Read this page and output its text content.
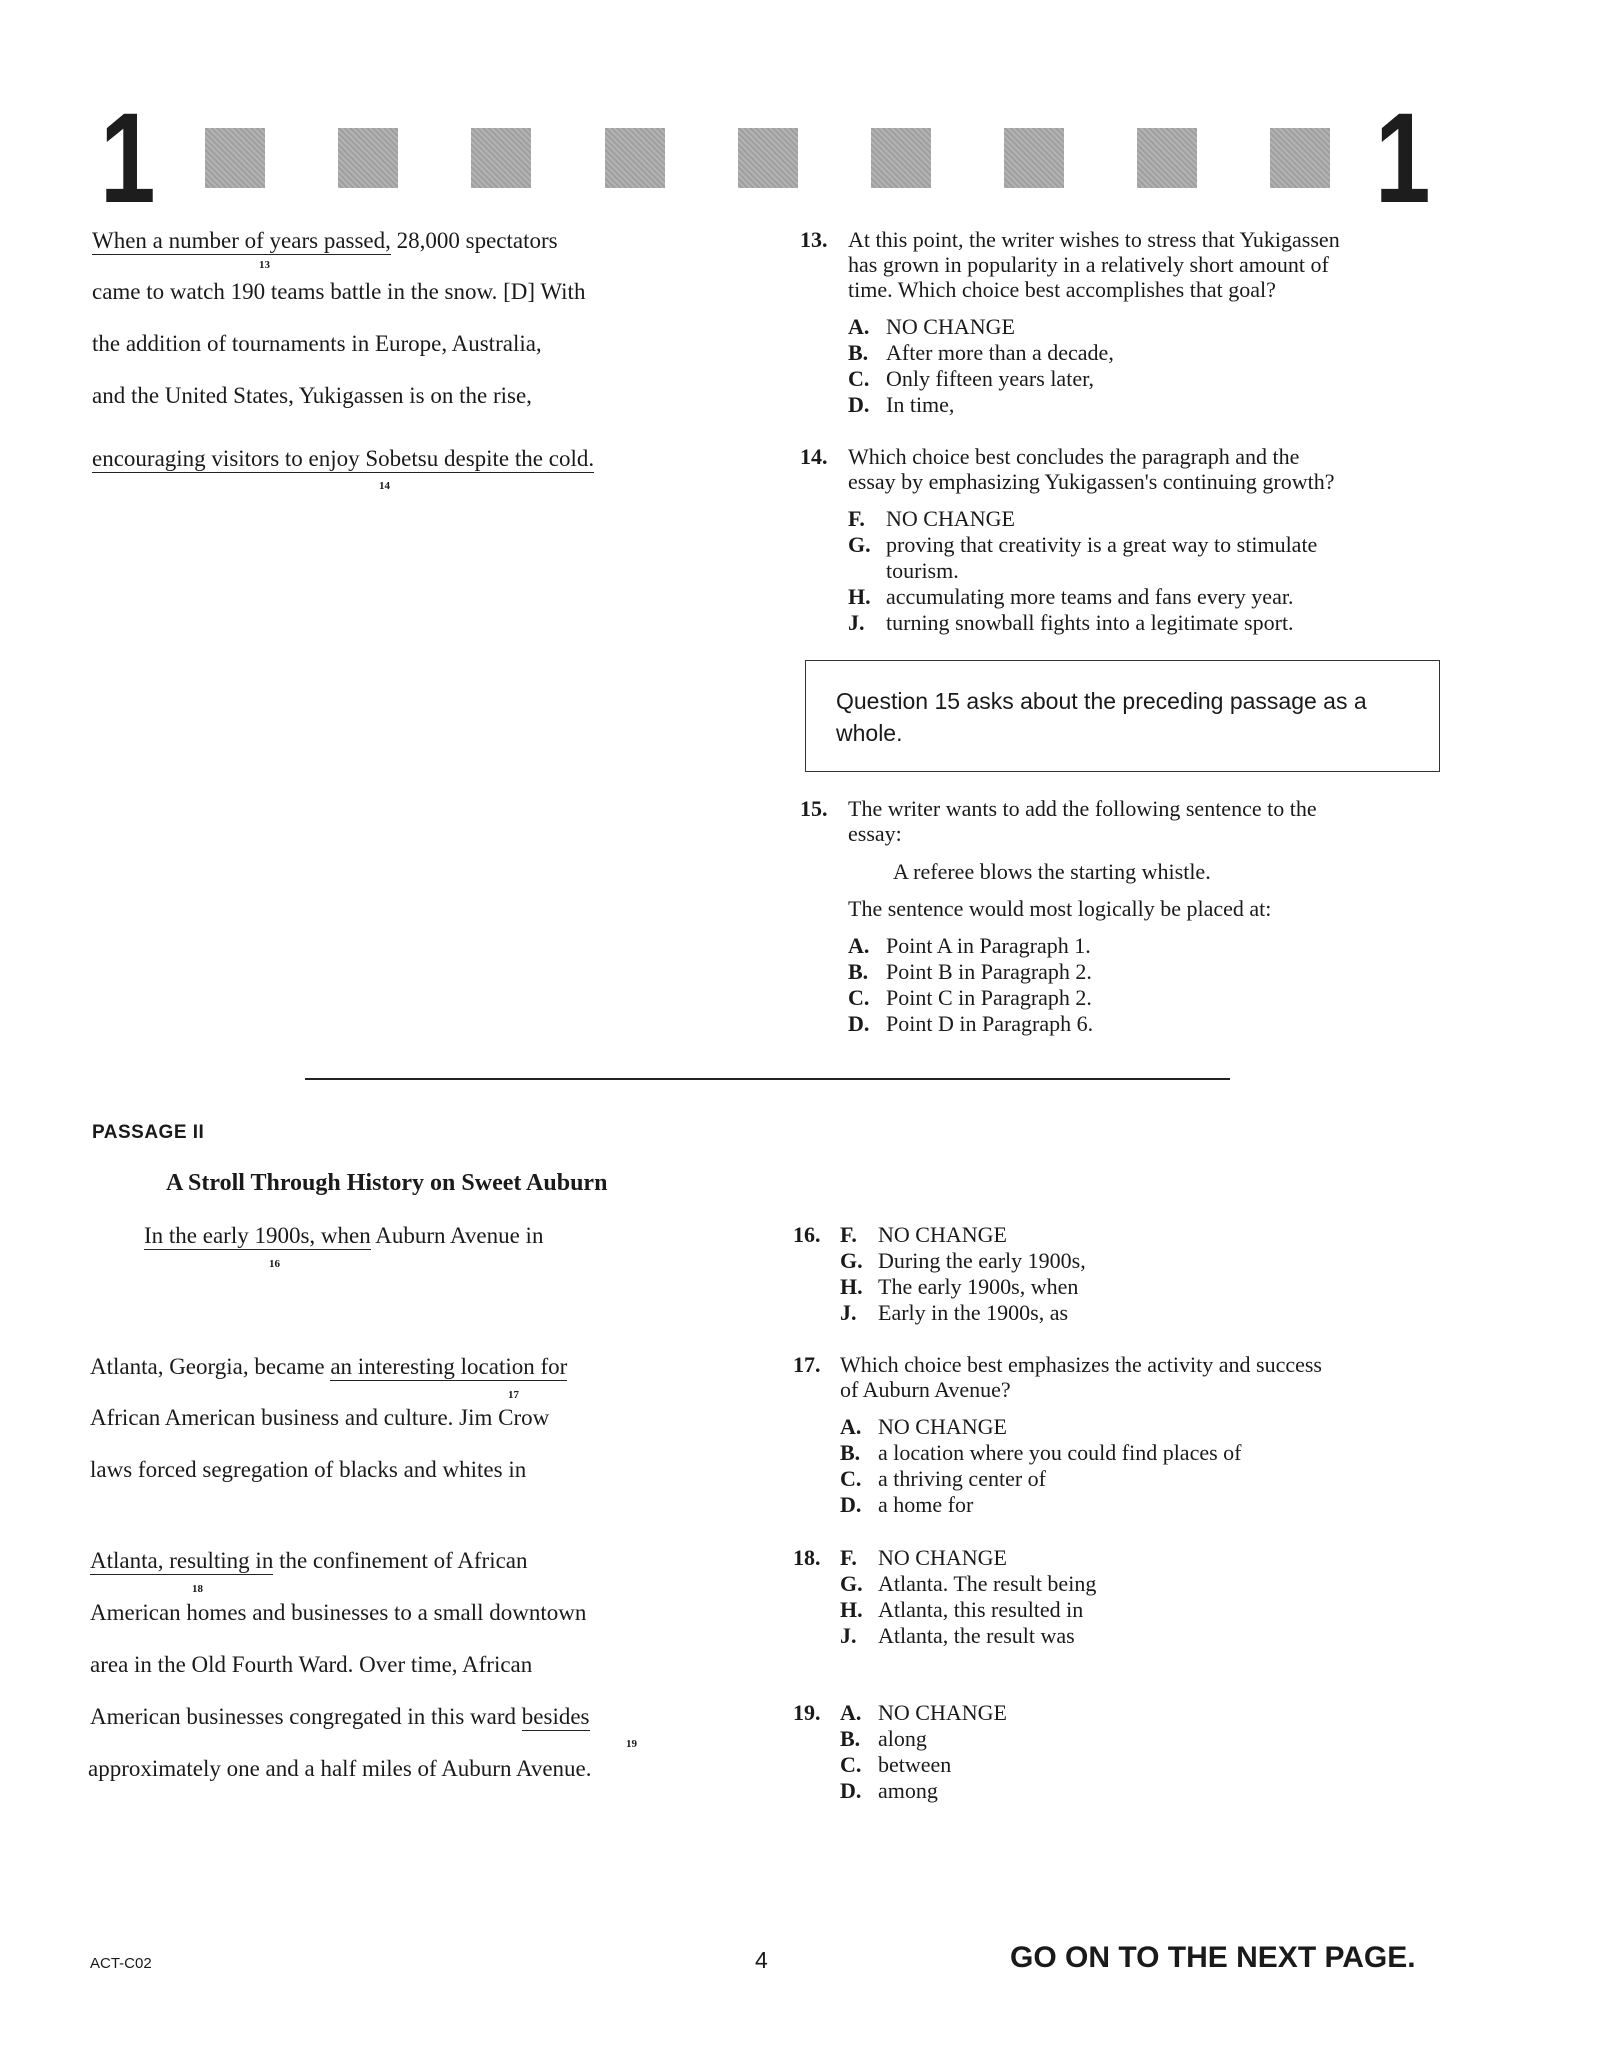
1	1
When a number of years passed, 28,000 spectators
13
came to watch 190 teams battle in the snow. [D] With
the addition of tournaments in Europe, Australia,
and the United States, Yukigassen is on the rise,
encouraging visitors to enjoy Sobetsu despite the cold.
14
13. At this point, the writer wishes to stress that Yukigassen
has grown in popularity in a relatively short amount of
time. Which choice best accomplishes that goal?
A. NO CHANGE
B. After more than a decade,
C. Only fifteen years later,
D. In time,
14. Which choice best concludes the paragraph and the
essay by emphasizing Yukigassen's continuing growth?
F. NO CHANGE
G. proving that creativity is a great way to stimulate
tourism.
H. accumulating more teams and fans every year.
J. turning snowball fights into a legitimate sport.
Question 15 asks about the preceding passage as a whole.
15. The writer wants to add the following sentence to the
essay:
A referee blows the starting whistle.
The sentence would most logically be placed at:
A. Point A in Paragraph 1.
B. Point B in Paragraph 2.
C. Point C in Paragraph 2.
D. Point D in Paragraph 6.
PASSAGE II
A Stroll Through History on Sweet Auburn
In the early 1900s, when Auburn Avenue in
16
Atlanta, Georgia, became an interesting location for
17
African American business and culture. Jim Crow
laws forced segregation of blacks and whites in
Atlanta, resulting in the confinement of African
18
American homes and businesses to a small downtown
area in the Old Fourth Ward. Over time, African
American businesses congregated in this ward besides
19
approximately one and a half miles of Auburn Avenue.
16. F. NO CHANGE
G. During the early 1900s,
H. The early 1900s, when
J. Early in the 1900s, as
17. Which choice best emphasizes the activity and success
of Auburn Avenue?
A. NO CHANGE
B. a location where you could find places of
C. a thriving center of
D. a home for
18. F. NO CHANGE
G. Atlanta. The result being
H. Atlanta, this resulted in
J. Atlanta, the result was
19. A. NO CHANGE
B. along
C. between
D. among
ACT-C02	4	GO ON TO THE NEXT PAGE.
